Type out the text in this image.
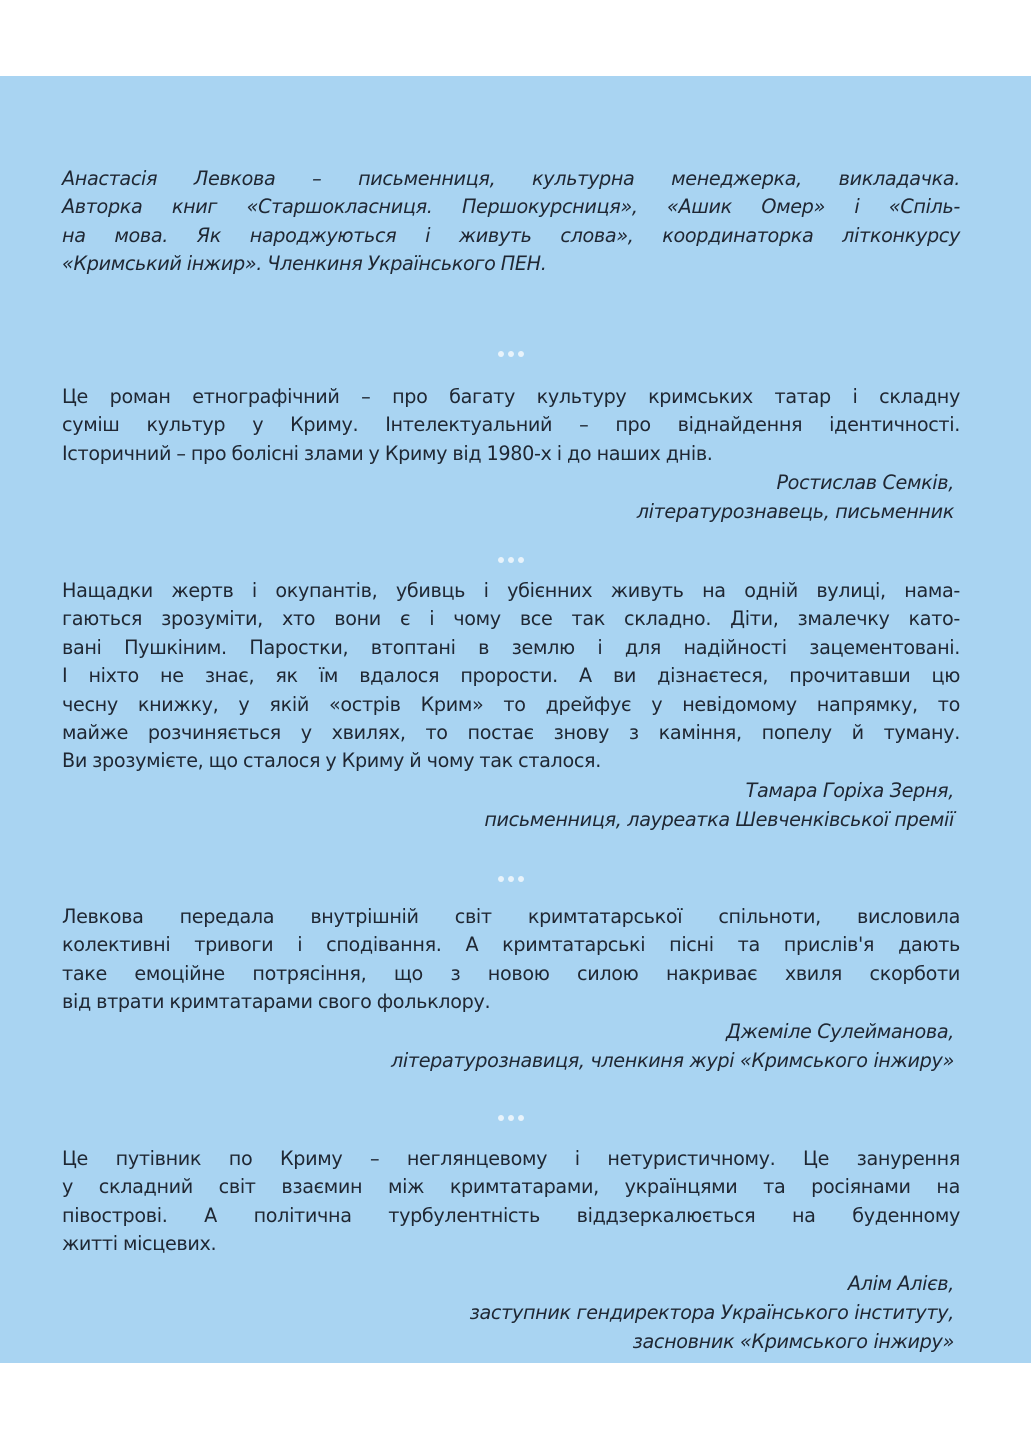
Анастасія Левкова – письменниця, культурна менеджерка, викладачка.
Авторка книг «Старшокласниця. Першокурсниця», «Ашик Омер» і «Спіль-
на мова. Як народжуються і живуть слова», координаторка літконкурсу
«Кримський інжир». Членкиня Українського ПЕН.

Це роман етнографічний – про багату культуру кримських татар і складну
суміш культур у Криму. Інтелектуальний – про віднайдення ідентичності.
Історичний – про болісні злами у Криму від 1980-х і до наших днів.

Ростислав Семків,
літературознавець, письменник

Нащадки жертв і окупантів, убивць і убієнних живуть на одній вулиці, нама-
гаються зрозуміти, хто вони є і чому все так складно. Діти, змалечку като-
вані Пушкіним. Паростки, втоптані в землю і для надійності зацементовані.
І ніхто не знає, як їм вдалося прорости. А ви дізнаєтеся, прочитавши цю
чесну книжку, у якій «острів Крим» то дрейфує у невідомому напрямку, то
майже розчиняється у хвилях, то постає знову з каміння, попелу й туману.
Ви зрозумієте, що сталося у Криму й чому так сталося.

Тамара Горіха Зерня,
письменниця, лауреатка Шевченківської премії

Левкова передала внутрішній світ кримтатарської спільноти, висловила
колективні тривоги і сподівання. А кримтатарські пісні та прислів'я дають
таке емоційне потрясіння, що з новою силою накриває хвиля скорботи
від втрати кримтатарами свого фольклору.

Джеміле Сулейманова,
літературознавиця, членкиня журі «Кримського інжиру»

Це путівник по Криму – неглянцевому і нетуристичному. Це занурення
у складний світ взаємин між кримтатарами, українцями та росіянами на
півострові. А політична турбулентність віддзеркалюється на буденному
житті місцевих.

Алім Алієв,
заступник гендиректора Українського інституту,
засновник «Кримського інжиру»
